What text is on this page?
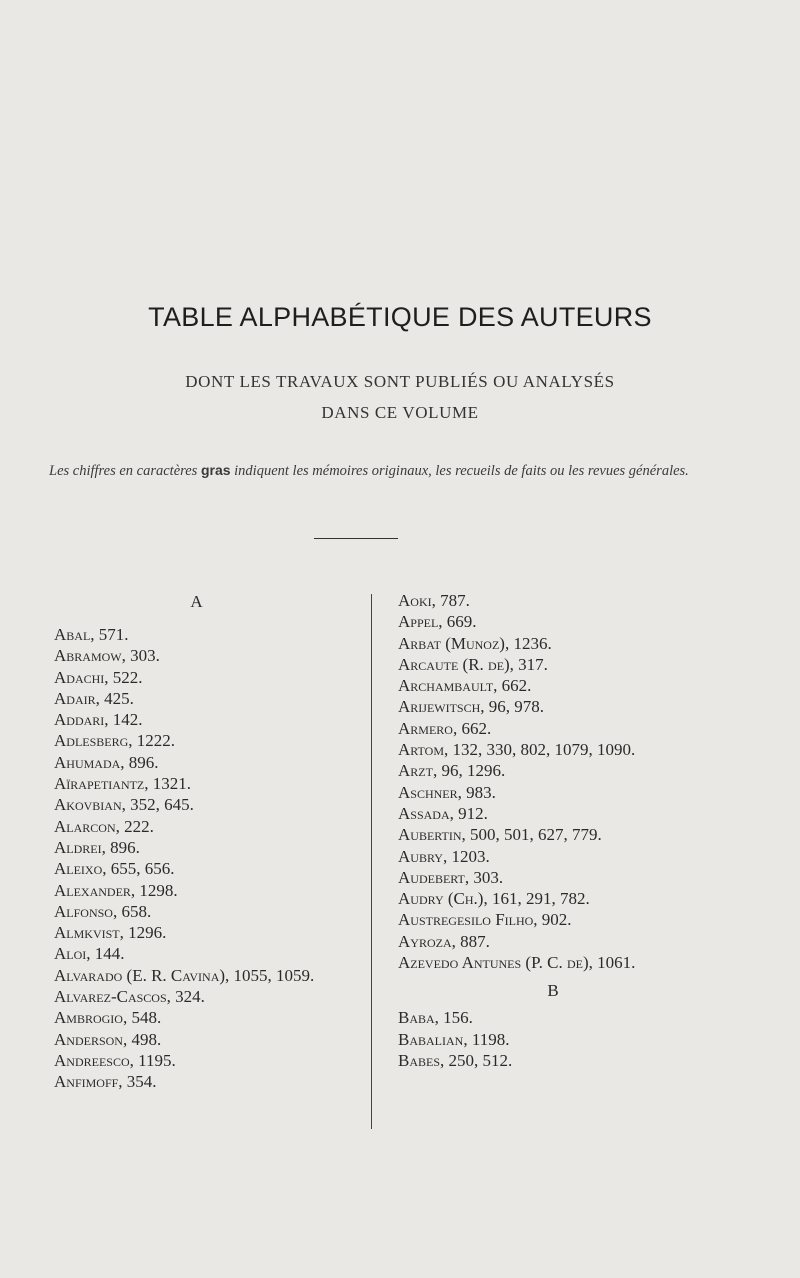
TABLE ALPHABÉTIQUE DES AUTEURS
DONT LES TRAVAUX SONT PUBLIÉS OU ANALYSÉS
DANS CE VOLUME
Les chiffres en caractères gras indiquent les mémoires originaux, les recueils de faits ou les revues générales.
A
Abal, 571.
Abramow, 303.
Adachi, 522.
Adair, 425.
Addari, 142.
Adlesberg, 1222.
Ahumada, 896.
Aïrapetiantz, 1321.
Akovbian, 352, 645.
Alarcon, 222.
Aldrei, 896.
Aleixo, 655, 656.
Alexander, 1298.
Alfonso, 658.
Almkvist, 1296.
Aloi, 144.
Alvarado (E. R. Cavina), 1055, 1059.
Alvarez-Cascos, 324.
Ambrogio, 548.
Anderson, 498.
Andreesco, 1195.
Anfimoff, 354.
Aoki, 787.
Appel, 669.
Arbat (Munoz), 1236.
Arcaute (R. de), 317.
Archambault, 662.
Arijewitsch, 96, 978.
Armero, 662.
Artom, 132, 330, 802, 1079, 1090.
Arzt, 96, 1296.
Aschner, 983.
Assada, 912.
Aubertin, 500, 501, 627, 779.
Aubry, 1203.
Audebert, 303.
Audry (Ch.), 161, 291, 782.
Austregesilo Filho, 902.
Ayroza, 887.
Azevedo Antunes (P. C. de), 1061.
B
Baba, 156.
Babalian, 1198.
Babes, 250, 512.
